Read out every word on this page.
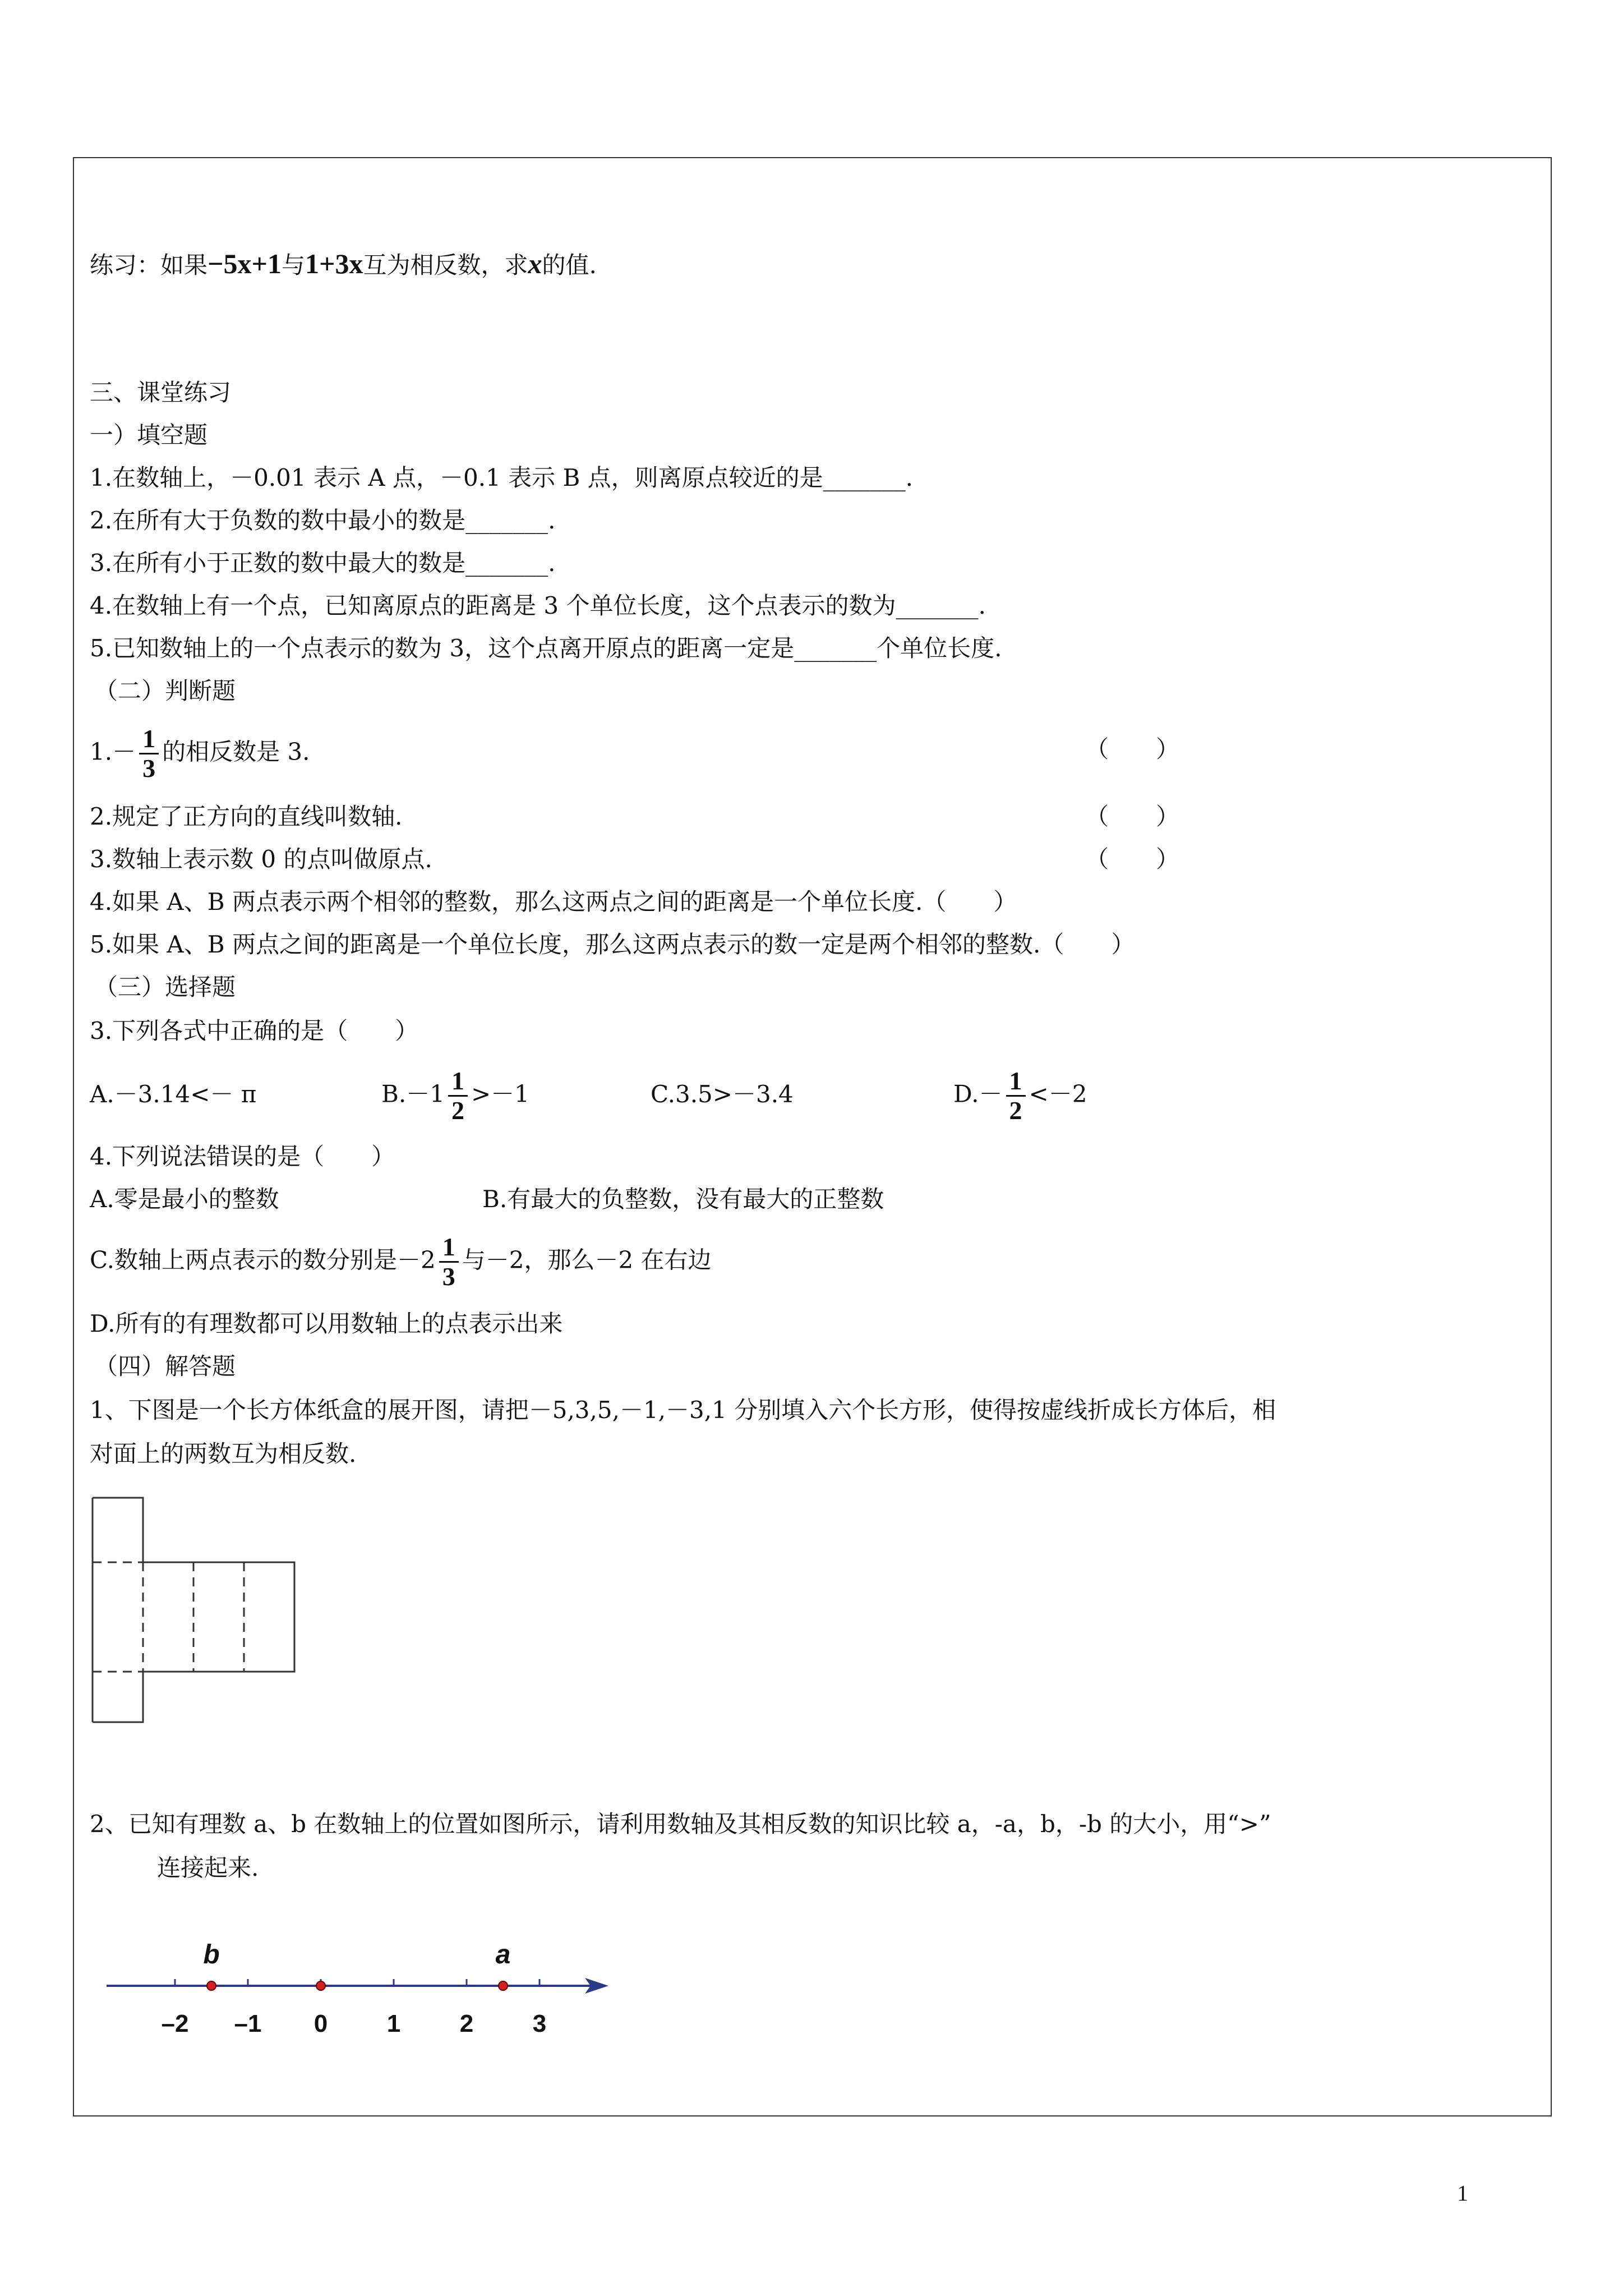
练习：如果−5x+1与1+3x互为相反数，求x的值.
三、课堂练习
一）填空题
1.在数轴上，－0.01 表示 A 点，－0.1 表示 B 点，则离原点较近的是_______.
2.在所有大于负数的数中最小的数是_______.
3.在所有小于正数的数中最大的数是_______.
4.在数轴上有一个点，已知离原点的距离是 3 个单位长度，这个点表示的数为_______.
5.已知数轴上的一个点表示的数为 3，这个点离开原点的距离一定是_______个单位长度.
（二）判断题
$1.- \frac{1}{3}$ 的相反数是 3.	（　　）
2.规定了正方向的直线叫数轴.	（　　）
3.数轴上表示数 0 的点叫做原点.	（　　）
4.如果 A、B 两点表示两个相邻的整数，那么这两点之间的距离是一个单位长度.（　　）
5.如果 A、B 两点之间的距离是一个单位长度，那么这两点表示的数一定是两个相邻的整数.（　　）
（三）选择题
3.下列各式中正确的是（　　）
A.－3.14<－ π	$B.-1 \frac{1}{2} >-1$	C.3.5>－3.4	$D.- \frac{1}{2} <-2$
4.下列说法错误的是（　　）
A.零是最小的整数	B.有最大的负整数，没有最大的正整数
C.数轴上两点表示的数分别是$-2 \frac{1}{3}$ 与－2，那么－2 在右边
D.所有的有理数都可以用数轴上的点表示出来
（四）解答题
1、下图是一个长方体纸盒的展开图，请把－5,3,5,－1,－3,1 分别填入六个长方形，使得按虚线折成长方体后，相
对面上的两数互为相反数.
2、已知有理数 a、b 在数轴上的位置如图所示，请利用数轴及其相反数的知识比较 a，-a，b，-b 的大小，用“>”
连接起来.
–2 –1 0 1 2 3
b	a
1
